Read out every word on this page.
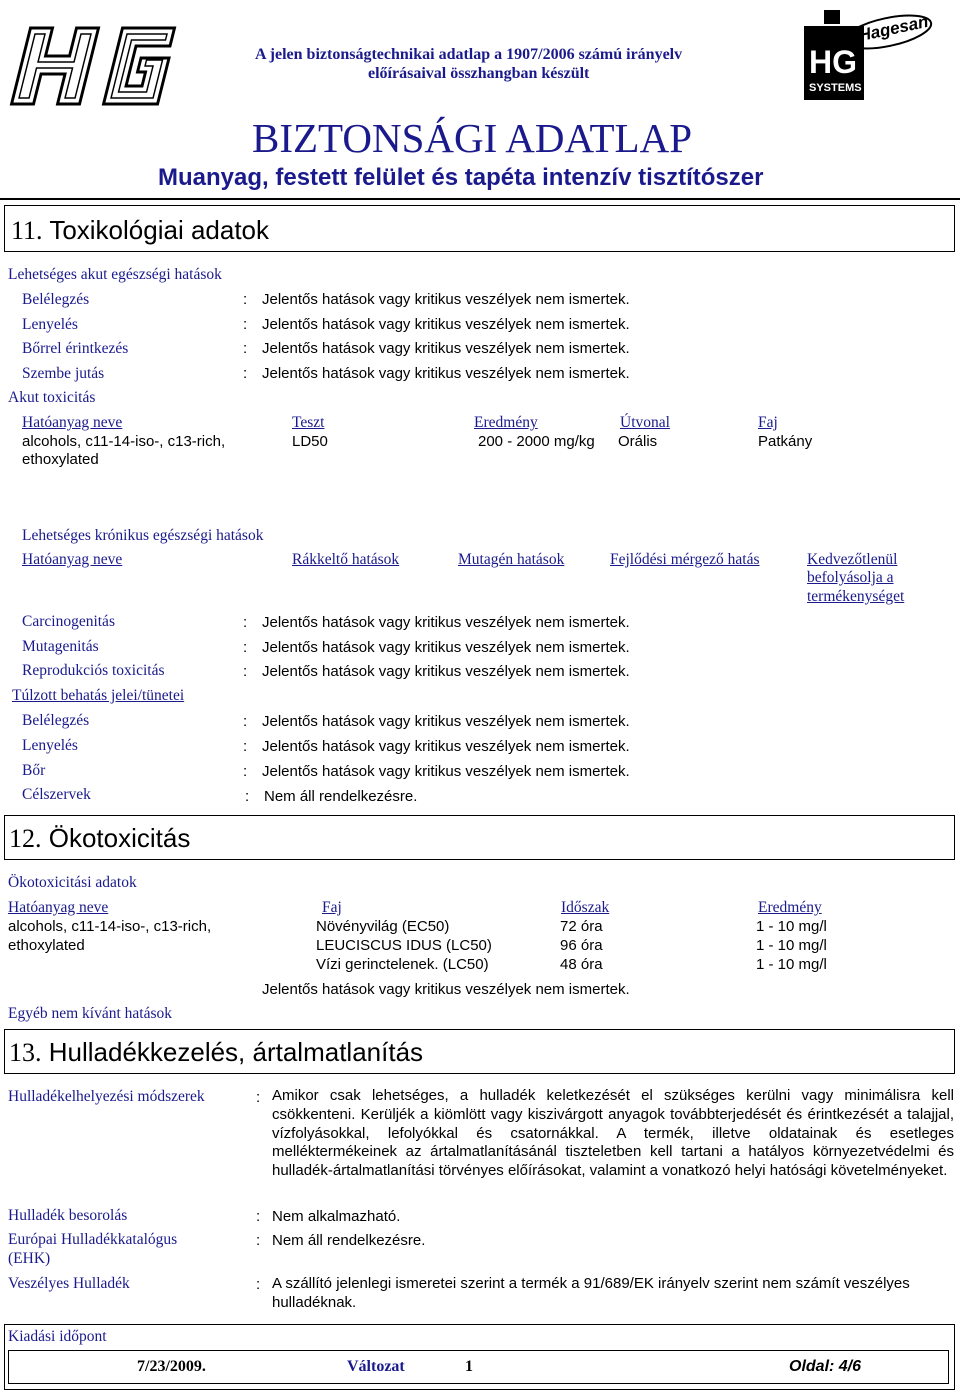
A jelen biztonságtechnikai adatlap a 1907/2006 számú irányelv
előírásaival összhangban készült
BIZTONSÁGI ADATLAP
Muanyag, festett felület és tapéta intenzív tisztítószer
Hagesan
HG
SYSTEMS
11. Toxikológiai adatok
Lehetséges akut egészségi hatások
Belélegzés	: Jelentős hatások vagy kritikus veszélyek nem ismertek.
Lenyelés	: Jelentős hatások vagy kritikus veszélyek nem ismertek.
Bőrrel érintkezés	: Jelentős hatások vagy kritikus veszélyek nem ismertek.
Szembe jutás	: Jelentős hatások vagy kritikus veszélyek nem ismertek.
Akut toxicitás
Hatóanyag neve	Teszt	Eredmény	Útvonal	Faj
alcohols, c11-14-iso-, c13-rich,
ethoxylated
LD50	200 - 2000 mg/kg Orális	Patkány
Lehetséges krónikus egészségi hatások
Hatóanyag neve	Rákkeltő hatások	Mutagén hatások	Fejlődési mérgező hatás	Kedvezőtlenül
befolyásolja a
termékenységet
Carcinogenitás	: Jelentős hatások vagy kritikus veszélyek nem ismertek.
Mutagenitás	: Jelentős hatások vagy kritikus veszélyek nem ismertek.
Reprodukciós toxicitás	: Jelentős hatások vagy kritikus veszélyek nem ismertek.
Túlzott behatás jelei/tünetei
Belélegzés	: Jelentős hatások vagy kritikus veszélyek nem ismertek.
Lenyelés	: Jelentős hatások vagy kritikus veszélyek nem ismertek.
Bőr	: Jelentős hatások vagy kritikus veszélyek nem ismertek.
Célszervek	: Nem áll rendelkezésre.
12. Ökotoxicitás
Ökotoxicitási adatok
Hatóanyag neve	Faj	Időszak	Eredmény
alcohols, c11-14-iso-, c13-rich,
ethoxylated
Növényvilág (EC50)	72 óra	1 - 10 mg/l
LEUCISCUS IDUS (LC50)	96 óra	1 - 10 mg/l
Vízi gerinctelenek. (LC50)	48 óra	1 - 10 mg/l
Jelentős hatások vagy kritikus veszélyek nem ismertek.
Egyéb nem kívánt hatások
13. Hulladékkezelés, ártalmatlanítás
Hulladékelhelyezési módszerek	: Amikor csak lehetséges, a hulladék keletkezését el szükséges kerülni vagy minimálisra kell csökkenteni. Kerüljék a kiömlött vagy kiszivárgott anyagok továbbterjedését és érintkezését a talajjal, vízfolyásokkal, lefolyókkal és csatornákkal. A termék, illetve oldatainak és esetleges melléktermékeinek az ártalmatlanításánál tiszteletben kell tartani a hatályos környezetvédelmi és hulladék-ártalmatlanítási törvényes előírásokat, valamint a vonatkozó helyi hatósági követelményeket.
Hulladék besorolás	: Nem alkalmazható.
Európai Hulladékkatalógus
(EHK)
: Nem áll rendelkezésre.
Veszélyes Hulladék	: A szállító jelenlegi ismeretei szerint a termék a 91/689/EK irányelv szerint nem számít veszélyes hulladéknak.
Kiadási időpont
7/23/2009.	Változat	1	Oldal: 4/6
